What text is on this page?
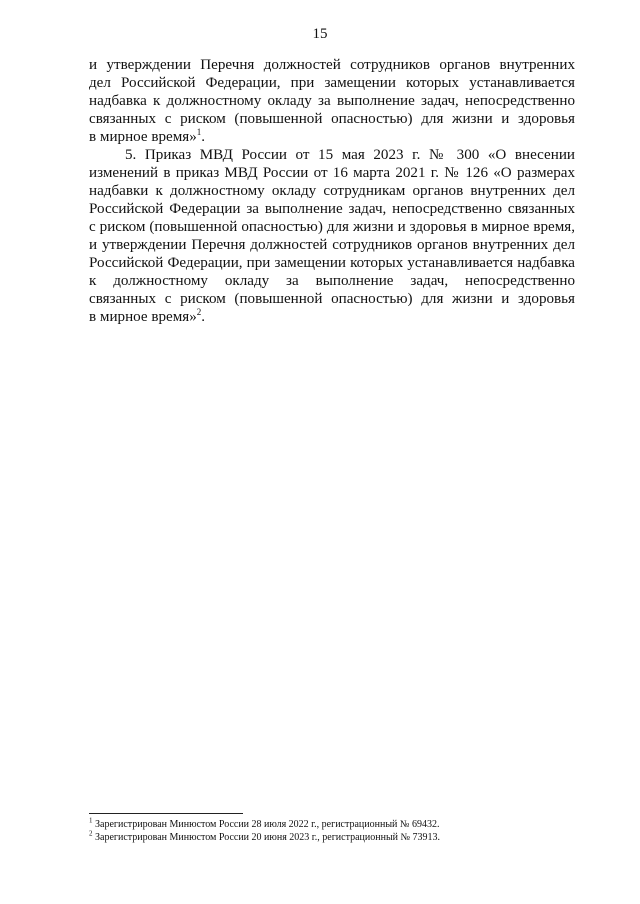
15
и утверждении Перечня должностей сотрудников органов внутренних
дел Российской Федерации, при замещении которых устанавливается
надбавка к должностному окладу за выполнение задач, непосредственно
связанных с риском (повышенной опасностью) для жизни и здоровья
в мирное время»$^1$.
5. Приказ МВД России от 15 мая 2023 г. № 300 «О внесении
изменений в приказ МВД России от 16 марта 2021 г. № 126 «О размерах
надбавки к должностному окладу сотрудникам органов внутренних дел
Российской Федерации за выполнение задач, непосредственно связанных
с риском (повышенной опасностью) для жизни и здоровья в мирное время,
и утверждении Перечня должностей сотрудников органов внутренних дел
Российской Федерации, при замещении которых устанавливается надбавка
к должностному окладу за выполнение задач, непосредственно
связанных с риском (повышенной опасностью) для жизни и здоровья
в мирное время»$^2$.
$^1$ Зарегистрирован Минюстом России 28 июля 2022 г., регистрационный № 69432.
$^2$ Зарегистрирован Минюстом России 20 июня 2023 г., регистрационный № 73913.
